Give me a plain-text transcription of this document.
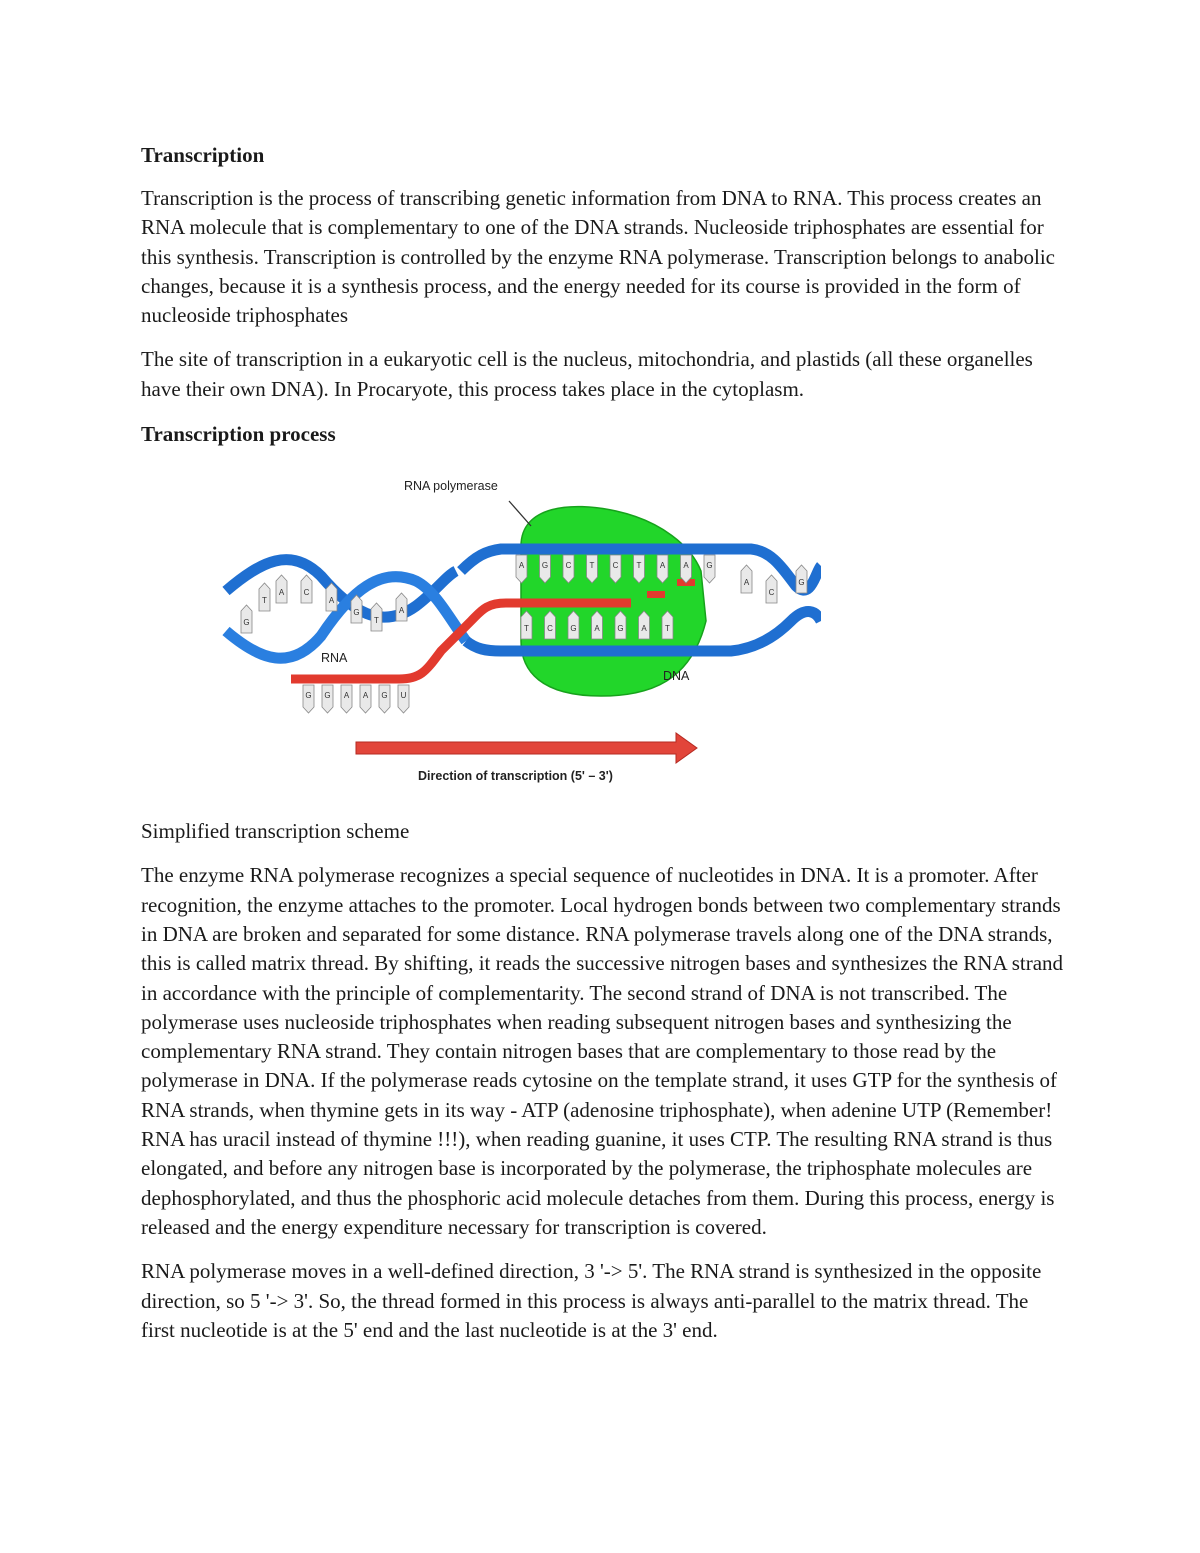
Transcription

Transcription is the process of transcribing genetic information from DNA to RNA. This process creates an RNA molecule that is complementary to one of the DNA strands. Nucleoside triphosphates are essential for this synthesis. Transcription is controlled by the enzyme RNA polymerase. Transcription belongs to anabolic changes, because it is a synthesis process, and the energy needed for its course is provided in the form of nucleoside triphosphates

The site of transcription in a eukaryotic cell is the nucleus, mitochondria, and plastids (all these organelles have their own DNA). In Procaryote, this process takes place in the cytoplasm.

Transcription process
A G C T C T A A G
T C G A G A T
G G A A G U
G
T
A C
A
G
T
A
A
C
G
RNA polymerase
RNA
DNA
Direction of transcription (5' – 3')

Simplified transcription scheme

The enzyme RNA polymerase recognizes a special sequence of nucleotides in DNA. It is a promoter. After recognition, the enzyme attaches to the promoter. Local hydrogen bonds between two complementary strands in DNA are broken and separated for some distance. RNA polymerase travels along one of the DNA strands, this is called matrix thread. By shifting, it reads the successive nitrogen bases and synthesizes the RNA strand in accordance with the principle of complementarity. The second strand of DNA is not transcribed. The polymerase uses nucleoside triphosphates when reading subsequent nitrogen bases and synthesizing the complementary RNA strand. They contain nitrogen bases that are complementary to those read by the polymerase in DNA. If the polymerase reads cytosine on the template strand, it uses GTP for the synthesis of RNA strands, when thymine gets in its way - ATP (adenosine triphosphate), when adenine UTP (Remember! RNA has uracil instead of thymine !!!), when reading guanine, it uses CTP. The resulting RNA strand is thus elongated, and before any nitrogen base is incorporated by the polymerase, the triphosphate molecules are dephosphorylated, and thus the phosphoric acid molecule detaches from them. During this process, energy is released and the energy expenditure necessary for transcription is covered.

RNA polymerase moves in a well-defined direction, 3 '-> 5'. The RNA strand is synthesized in the opposite direction, so 5 '-> 3'. So, the thread formed in this process is always anti-parallel to the matrix thread. The first nucleotide is at the 5' end and the last nucleotide is at the 3' end.
